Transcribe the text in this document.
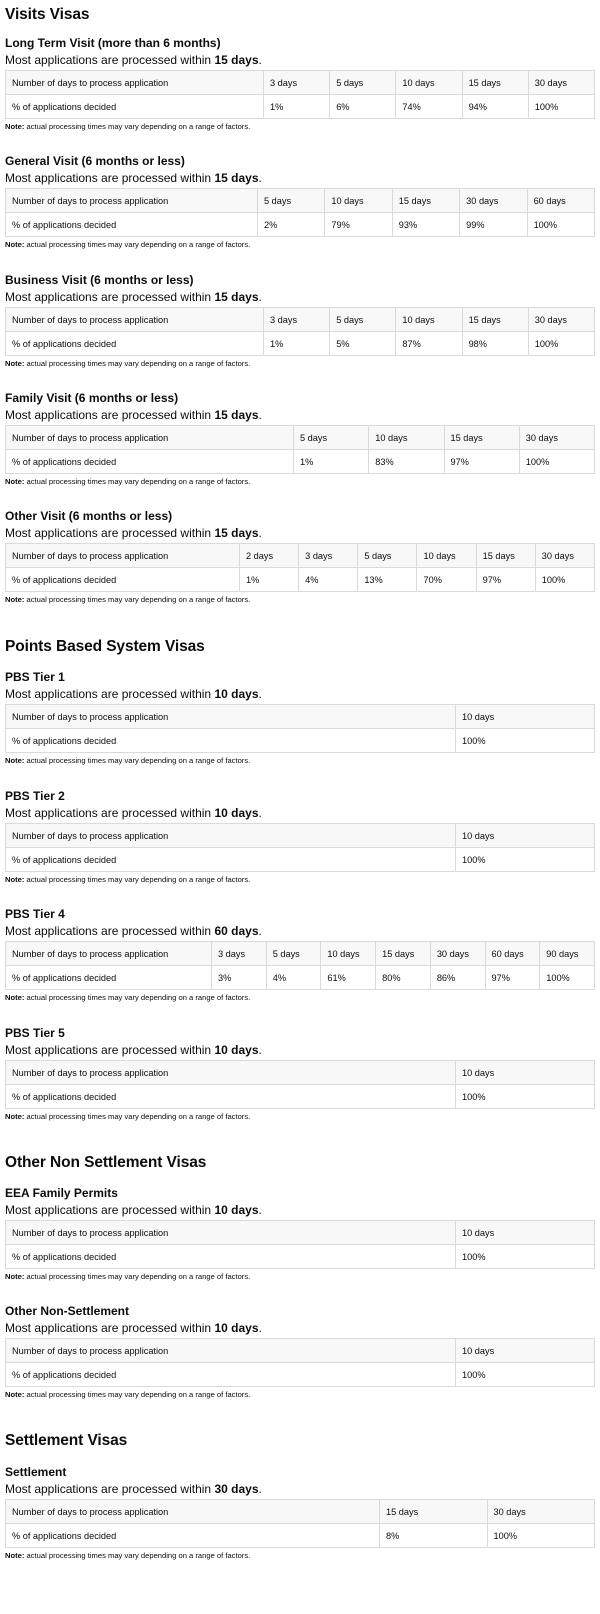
Visits Visas
Long Term Visit (more than 6 months)

Most applications are processed within 15 days.

Number of days to process application	3 days	5 days	10 days	15 days	30 days
% of applications decided	1%	6%	74%	94%	100%

Note: actual processing times may vary depending on a range of factors.

General Visit (6 months or less)

Most applications are processed within 15 days.

Number of days to process application	5 days	10 days	15 days	30 days	60 days
% of applications decided	2%	79%	93%	99%	100%

Note: actual processing times may vary depending on a range of factors.

Business Visit (6 months or less)

Most applications are processed within 15 days.

Number of days to process application	3 days	5 days	10 days	15 days	30 days
% of applications decided	1%	5%	87%	98%	100%

Note: actual processing times may vary depending on a range of factors.

Family Visit (6 months or less)

Most applications are processed within 15 days.

Number of days to process application	5 days	10 days	15 days	30 days
% of applications decided	1%	83%	97%	100%

Note: actual processing times may vary depending on a range of factors.

Other Visit (6 months or less)

Most applications are processed within 15 days.

Number of days to process application	2 days	3 days	5 days	10 days	15 days	30 days
% of applications decided	1%	4%	13%	70%	97%	100%

Note: actual processing times may vary depending on a range of factors.

Points Based System Visas
PBS Tier 1

Most applications are processed within 10 days.

Number of days to process application	10 days
% of applications decided	100%

Note: actual processing times may vary depending on a range of factors.

PBS Tier 2

Most applications are processed within 10 days.

Number of days to process application	10 days
% of applications decided	100%

Note: actual processing times may vary depending on a range of factors.

PBS Tier 4

Most applications are processed within 60 days.

Number of days to process application	3 days	5 days	10 days	15 days	30 days	60 days	90 days
% of applications decided	3%	4%	61%	80%	86%	97%	100%

Note: actual processing times may vary depending on a range of factors.

PBS Tier 5

Most applications are processed within 10 days.

Number of days to process application	10 days
% of applications decided	100%

Note: actual processing times may vary depending on a range of factors.

Other Non Settlement Visas
EEA Family Permits

Most applications are processed within 10 days.

Number of days to process application	10 days
% of applications decided	100%

Note: actual processing times may vary depending on a range of factors.

Other Non-Settlement

Most applications are processed within 10 days.

Number of days to process application	10 days
% of applications decided	100%

Note: actual processing times may vary depending on a range of factors.

Settlement Visas
Settlement

Most applications are processed within 30 days.

Number of days to process application	15 days	30 days
% of applications decided	8%	100%

Note: actual processing times may vary depending on a range of factors.
